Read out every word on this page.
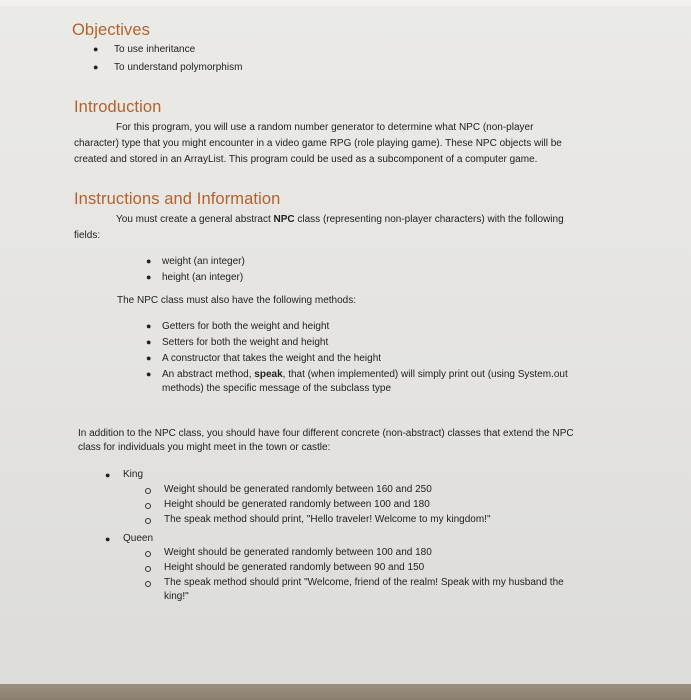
Objectives
● To use inheritance
● To understand polymorphism
Introduction
For this program, you will use a random number generator to determine what NPC (non-player
character) type that you might encounter in a video game RPG (role playing game). These NPC objects will be
created and stored in an ArrayList. This program could be used as a subcomponent of a computer game.
Instructions and Information
You must create a general abstract NPC class (representing non-player characters) with the following
fields:
● weight (an integer)
● height (an integer)
The NPC class must also have the following methods:
● Getters for both the weight and height
● Setters for both the weight and height
● A constructor that takes the weight and the height
● An abstract method, speak, that (when implemented) will simply print out (using System.out
methods) the specific message of the subclass type
In addition to the NPC class, you should have four different concrete (non-abstract) classes that extend the NPC
class for individuals you might meet in the town or castle:
● King
Weight should be generated randomly between 160 and 250
Height should be generated randomly between 100 and 180
The speak method should print, "Hello traveler! Welcome to my kingdom!"
● Queen
Weight should be generated randomly between 100 and 180
Height should be generated randomly between 90 and 150
The speak method should print "Welcome, friend of the realm! Speak with my husband the
king!"
